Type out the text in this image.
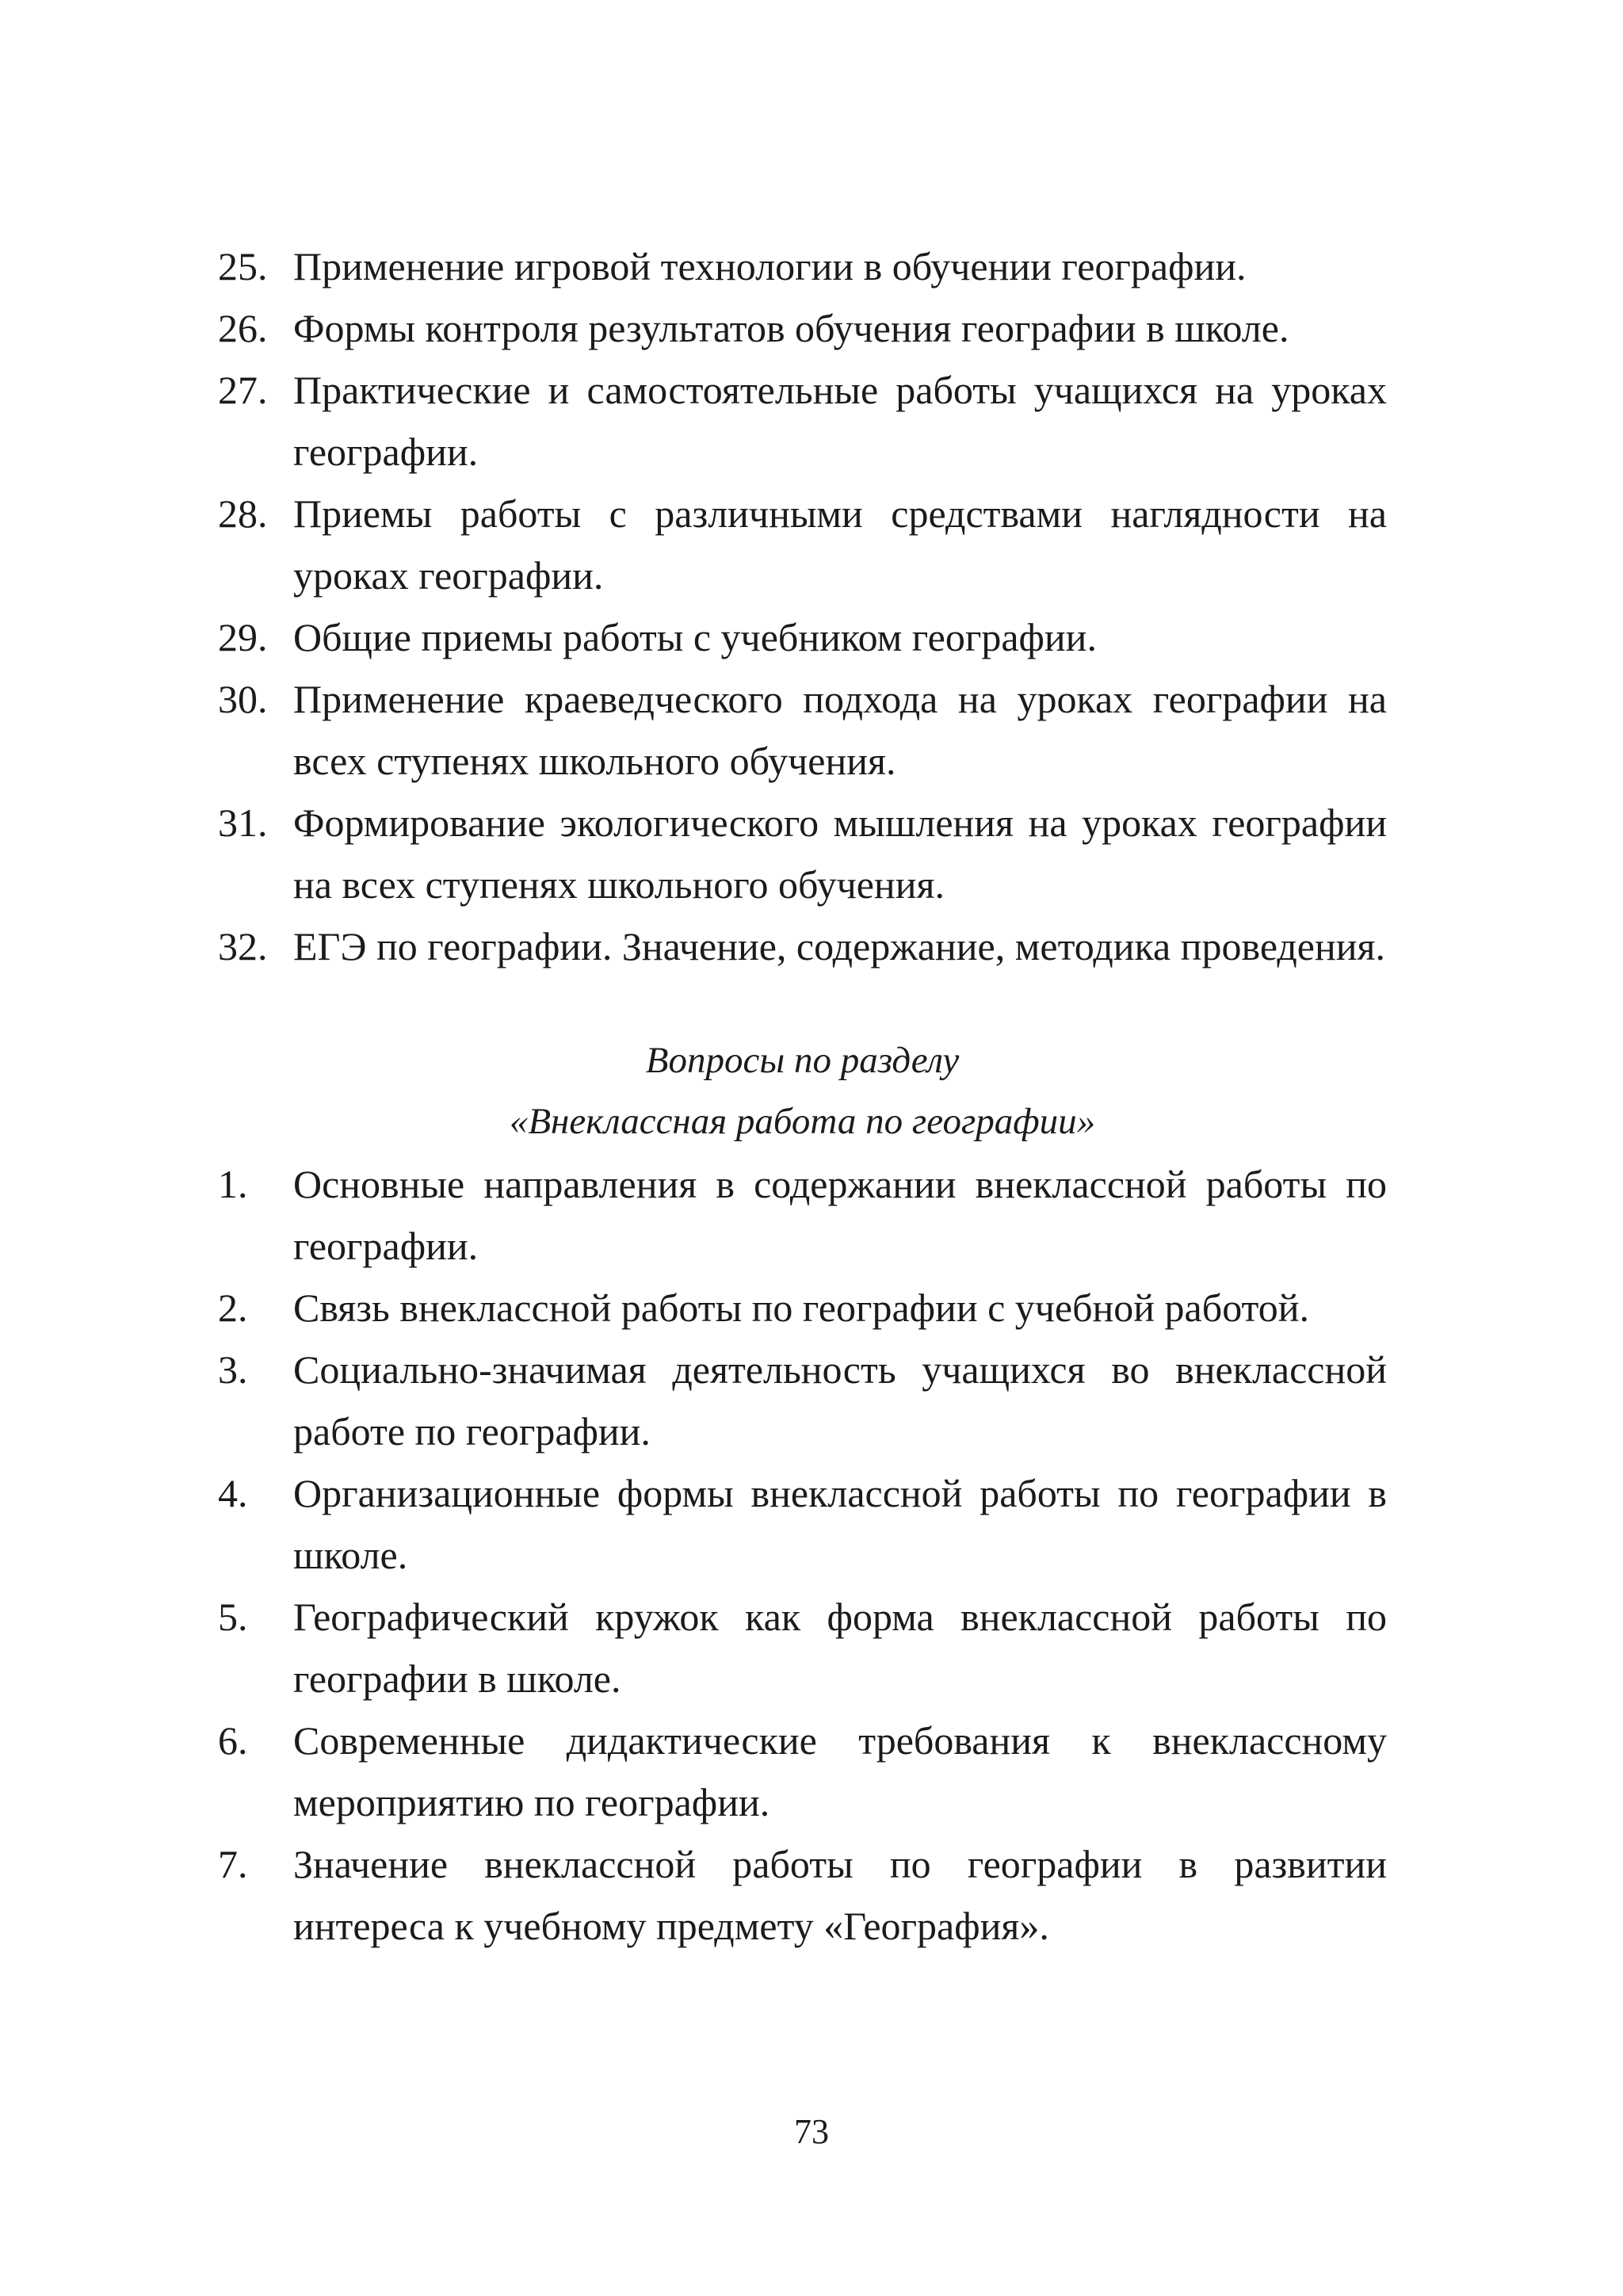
25. Применение игровой технологии в обучении географии.
26. Формы контроля результатов обучения географии в школе.
27. Практические и самостоятельные работы учащихся на уроках географии.
28. Приемы работы с различными средствами наглядности на уроках географии.
29. Общие приемы работы с учебником географии.
30. Применение краеведческого подхода на уроках географии на всех ступенях школьного обучения.
31. Формирование экологического мышления на уроках географии на всех ступенях школьного обучения.
32. ЕГЭ по географии. Значение, содержание, методика проведения.
Вопросы по разделу
«Внеклассная работа по географии»
1.	Основные направления в содержании внеклассной работы по географии.
2.	Связь внеклассной работы по географии с учебной работой.
3.	Социально-значимая деятельность учащихся во внеклассной работе по географии.
4.	Организационные формы внеклассной работы по географии в школе.
5.	Географический кружок как форма внеклассной работы по географии в школе.
6.	Современные дидактические требования к внеклассному мероприятию по географии.
7.	Значение внеклассной работы по географии в развитии интереса к учебному предмету «География».
73
